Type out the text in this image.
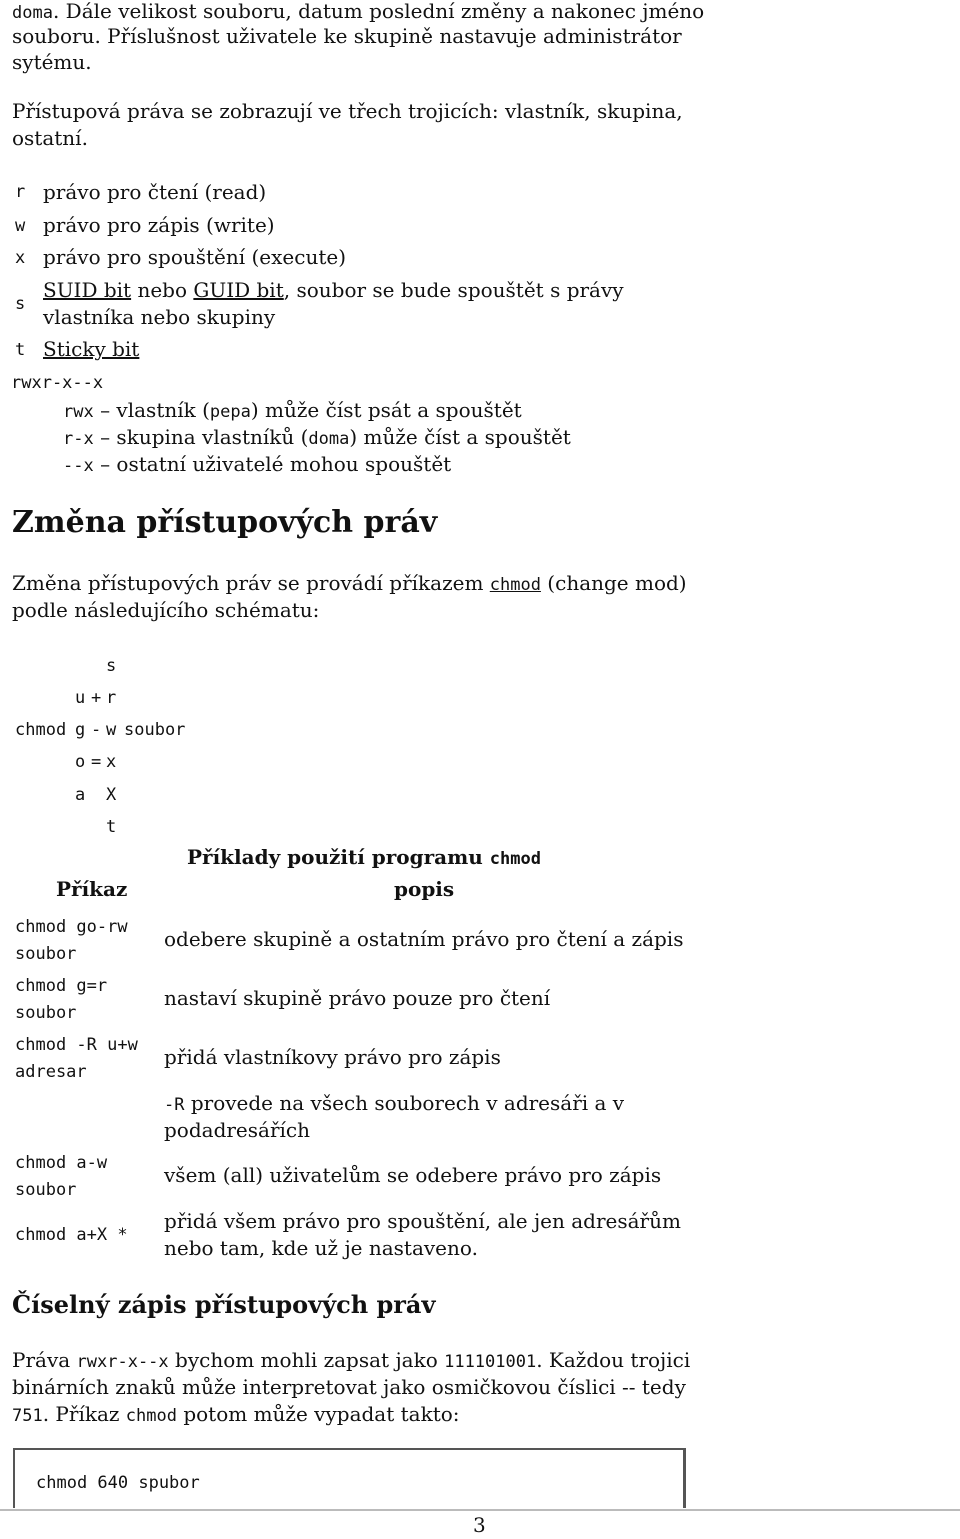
doma. Dále velikost souboru, datum poslední změny a nakonec jméno
souboru. Příslušnost uživatele ke skupině nastavuje administrátor
sytému.
Přístupová práva se zobrazují ve třech trojicích: vlastník, skupina,
ostatní.
r právo pro čtení (read)
w právo pro zápis (write)
x právo pro spouštění (execute)
s
SUID bit nebo GUID bit, soubor se bude spouštět s právy
vlastníka nebo skupiny
t Sticky bit
rwxr-x--x
rwx – vlastník (pepa) může číst psát a spouštět
r-x – skupina vlastníků (doma) může číst a spouštět
--x – ostatní uživatelé mohou spouštět
Změna přístupových práv
Změna přístupových práv se provádí příkazem chmod (change mod)
podle následujícího schématu:
s
u + r
chmod g - w soubor
o = x
a X
t
Příklady použití programu chmod
Příkaz	popis
chmod go-rw
soubor
odebere skupině a ostatním právo pro čtení a zápis
chmod g=r
soubor
nastaví skupině právo pouze pro čtení
chmod -R u+w
adresar
přidá vlastníkovy právo pro zápis
-R provede na všech souborech v adresáři a v
podadresářích
chmod a-w
soubor
všem (all) uživatelům se odebere právo pro zápis
chmod a+X *
přidá všem právo pro spouštění, ale jen adresářům
nebo tam, kde už je nastaveno.
Číselný zápis přístupových práv
Práva rwxr-x--x bychom mohli zapsat jako 111101001. Každou trojici
binárních znaků může interpretovat jako osmičkovou číslici -- tedy
751. Příkaz chmod potom může vypadat takto:
chmod 640 spubor
3
